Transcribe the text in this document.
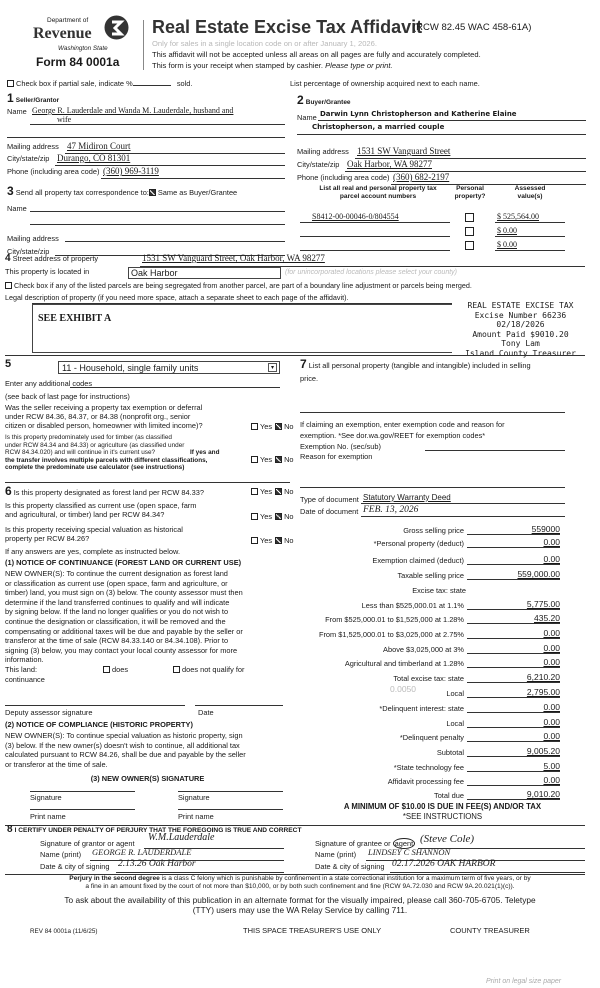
Department of
Revenue
Washington State
Form 84 0001a
Real Estate Excise Tax Affidavit
(RCW 82.45 WAC 458-61A)
Only for sales in a single location code on or after January 1, 2026.
This affidavit will not be accepted unless all areas on all pages are fully and accurately completed.
This form is your receipt when stamped by cashier. Please type or print.
Check box if partial sale, indicate %	sold.	List percentage of ownership acquired next to each name.
1 Seller/Grantor
Name George R. Lauderdale and Wanda M. Lauderdale, husband and
wife
Mailing address 47 Midiron Court
City/state/zip Durango, CO 81301
Phone (including area code) (360) 969-3119
2 Buyer/Grantee
Name Darwin Lynn Christopherson and Katherine Elaine
Christopherson, a married couple
Mailing address 1531 SW Vanguard Street
City/state/zip Oak Harbor, WA 98277
Phone (including area code) (360) 682-2197
3 Send all property tax correspondence to: Same as Buyer/Grantee
Name
Mailing address
City/state/zip
List all real and personal property tax
parcel account numbers
Personal
property?
Assessed
value(s)
S8412-00-00046-0/804554	$ 525,564.00
$ 0.00
$ 0.00
4 Street address of property	1531 SW Vanguard Street, Oak Harbor, WA 98277
This property is located in	Oak Harbor	(for unincorporated locations please select your county)
Check box if any of the listed parcels are being segregated from another parcel, are part of a boundary line adjustment or parcels being merged.
Legal description of property (if you need more space, attach a separate sheet to each page of the affidavit).
SEE EXHIBIT A
REAL ESTATE EXCISE TAX
Excise Number 66236
02/18/2026
Amount Paid $9010.20
Tony Lam
Island County Treasurer
5	11 - Household, single family units	▾
Enter any additional codes
(see back of last page for instructions)
Was the seller receiving a property tax exemption or deferral
under RCW 84.36, 84.37, or 84.38 (nonprofit org., senior
citizen or disabled person, homeowner with limited income)?
Is this property predominately used for timber (as classified
under RCW 84.34 and 84.33) or agriculture (as classified under
RCW 84.34.020) and will continue in it's current use?	If yes and
the transfer involves multiple parcels with different classifications,
complete the predominate use calculator (see instructions)
6 Is this property designated as forest land per RCW 84.33?
Is this property classified as current use (open space, farm
and agricultural, or timber) land per RCW 84.34?
Is this property receiving special valuation as historical
property per RCW 84.26?
If any answers are yes, complete as instructed below.
(1) NOTICE OF CONTINUANCE (FOREST LAND OR CURRENT USE)
NEW OWNER(S): To continue the current designation as forest land
or classification as current use (open space, farm and agriculture, or
timber) land, you must sign on (3) below. The county assessor must then
determine if the land transferred continues to qualify and will indicate
by signing below. If the land no longer qualifies or you do not wish to
continue the designation or classification, it will be removed and the
compensating or additional taxes will be due and payable by the seller or
transferor at the time of sale (RCW 84.33.140 or 84.34.108). Prior to
signing (3) below, you may contact your local county assessor for more
information.
This land:
continuance
does	does not qualify for
Deputy assessor signature	Date
(2) NOTICE OF COMPLIANCE (HISTORIC PROPERTY)
NEW OWNER(S): To continue special valuation as historic property, sign
(3) below. If the new owner(s) doesn't wish to continue, all additional tax
calculated pursuant to RCW 84.26, shall be due and payable by the seller
or transferor at the time of sale.
(3) NEW OWNER(S) SIGNATURE
Signature	Signature
Print name	Print name
7 List all personal property (tangible and intangible) included in selling
price.
If claiming an exemption, enter exemption code and reason for
exemption. *See dor.wa.gov/REET for exemption codes*
Exemption No. (sec/sub)
Reason for exemption
Type of document Statutory Warranty Deed
Date of document FEB. 13, 2026
0.0050
Excise tax: state
Gross selling price	559000
*Personal property (deduct)	0.00
Exemption claimed (deduct)	0.00
Taxable selling price	559,000.00
Less than $525,000.01 at 1.1%	5,775.00
From $525,000.01 to $1,525,000 at 1.28%	435.20
From $1,525,000.01 to $3,025,000 at 2.75%	0.00
Above $3,025,000 at 3%	0.00
Agricultural and timberland at 1.28%	0.00
Total excise tax: state	6,210.20
Local	2,795.00
*Delinquent interest: state	0.00
Local	0.00
*Delinquent penalty	0.00
Subtotal	9,005.20
*State technology fee	5.00
Affidavit processing fee	0.00
Total due	9,010.20
A MINIMUM OF $10.00 IS DUE IN FEE(S) AND/OR TAX
*SEE INSTRUCTIONS
8 I CERTIFY UNDER PENALTY OF PERJURY THAT THE FOREGOING IS TRUE AND CORRECT
Signature of grantor or agent
W.M.Lauderdale
Name (print) GEORGE R. LAUDERDALE
Date & city of signing 2.13.26 Oak Harbor
Signature of grantee or agent (Steve Cole)
Name (print) LINDSEY C SHANNON
Date & city of signing 02.17.2026 OAK HARBOR
Perjury in the second degree is a class C felony which is punishable by confinement in a state correctional institution for a maximum term of five years, or by
a fine in an amount fixed by the court of not more than $10,000, or by both such confinement and fine (RCW 9A.72.030 and RCW 9A.20.021(1)(c)).
To ask about the availability of this publication in an alternate format for the visually impaired, please call 360-705-6705. Teletype
(TTY) users may use the WA Relay Service by calling 711.
REV 84 0001a (11/6/25)	THIS SPACE TREASURER'S USE ONLY	COUNTY TREASURER
Print on legal size paper
Yes No
Yes No
Yes No
Yes No
Yes No
